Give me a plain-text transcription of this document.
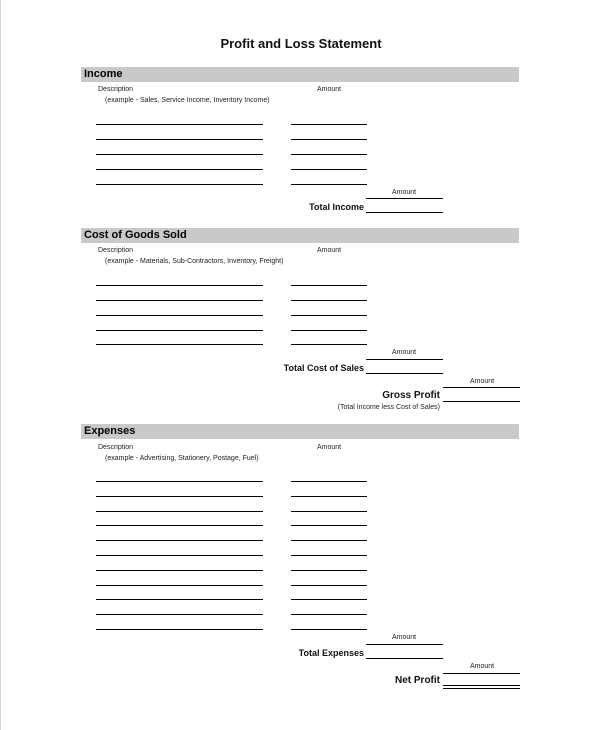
Profit and Loss Statement
Income
Description	Amount
(example - Sales, Service Income, Inventory Income)
Amount
Total Income
Cost of Goods Sold
Description	Amount
(example - Materials, Sub-Contractors, Inventory, Freight)
Amount
Total Cost of Sales
Amount
Gross Profit
(Total Income less Cost of Sales)
Expenses
Description	Amount
(example - Advertising, Stationery, Postage, Fuel)
Amount
Total Expenses
Amount
Net Profit
